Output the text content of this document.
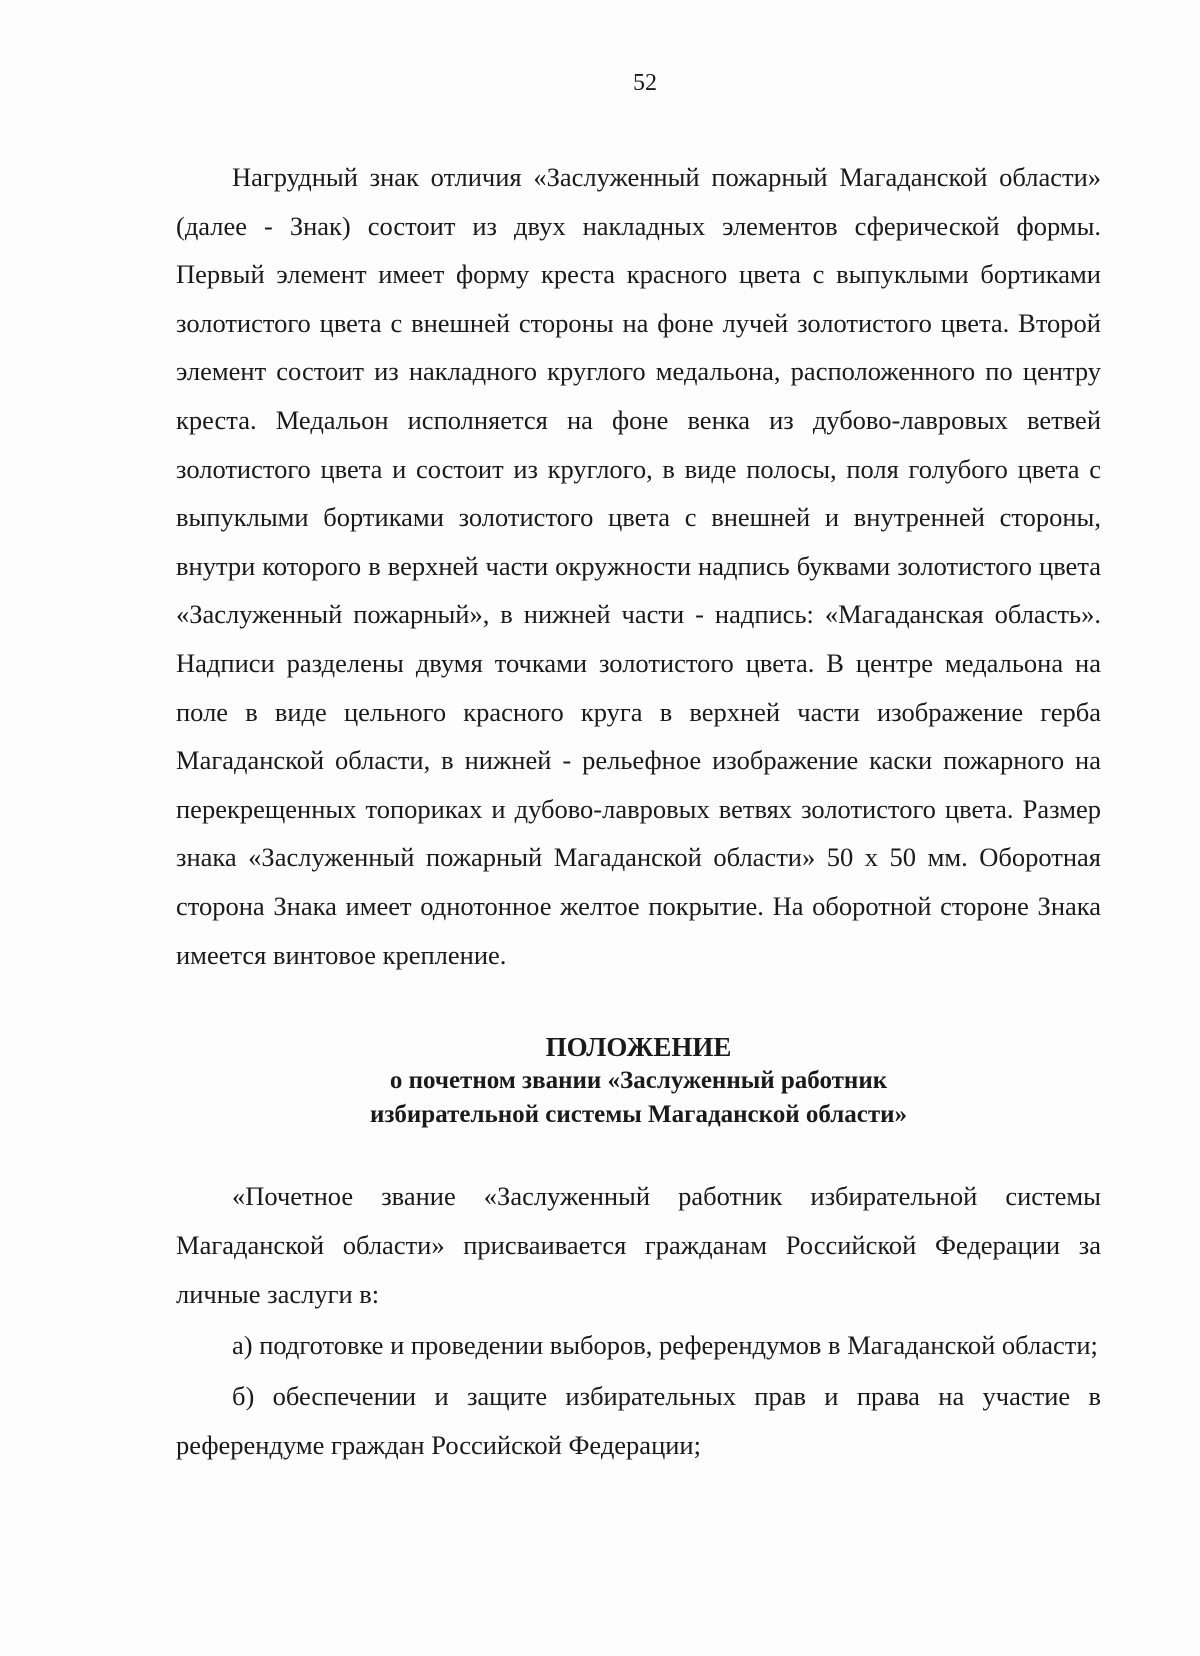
52

Нагрудный знак отличия «Заслуженный пожарный Магаданской области» (далее - Знак) состоит из двух накладных элементов сферической формы. Первый элемент имеет форму креста красного цвета с выпуклыми бортиками золотистого цвета с внешней стороны на фоне лучей золотистого цвета. Второй элемент состоит из накладного круглого медальона, расположенного по центру креста. Медальон исполняется на фоне венка из дубово-лавровых ветвей золотистого цвета и состоит из круглого, в виде полосы, поля голубого цвета с выпуклыми бортиками золотистого цвета с внешней и внутренней стороны, внутри которого в верхней части окружности надпись буквами золотистого цвета «Заслуженный пожарный», в нижней части - надпись: «Магаданская область». Надписи разделены двумя точками золотистого цвета. В центре медальона на поле в виде цельного красного круга в верхней части изображение герба Магаданской области, в нижней - рельефное изображение каски пожарного на перекрещенных топориках и дубово-лавровых ветвях золотистого цвета. Размер знака «Заслуженный пожарный Магаданской области» 50 х 50 мм. Оборотная сторона Знака имеет однотонное желтое покрытие. На оборотной стороне Знака имеется винтовое крепление.

ПОЛОЖЕНИЕ
о почетном звании «Заслуженный работник
избирательной системы Магаданской области»

«Почетное звание «Заслуженный работник избирательной системы Магаданской области» присваивается гражданам Российской Федерации за личные заслуги в:

а) подготовке и проведении выборов, референдумов в Магаданской области;

б) обеспечении и защите избирательных прав и права на участие в референдуме граждан Российской Федерации;
